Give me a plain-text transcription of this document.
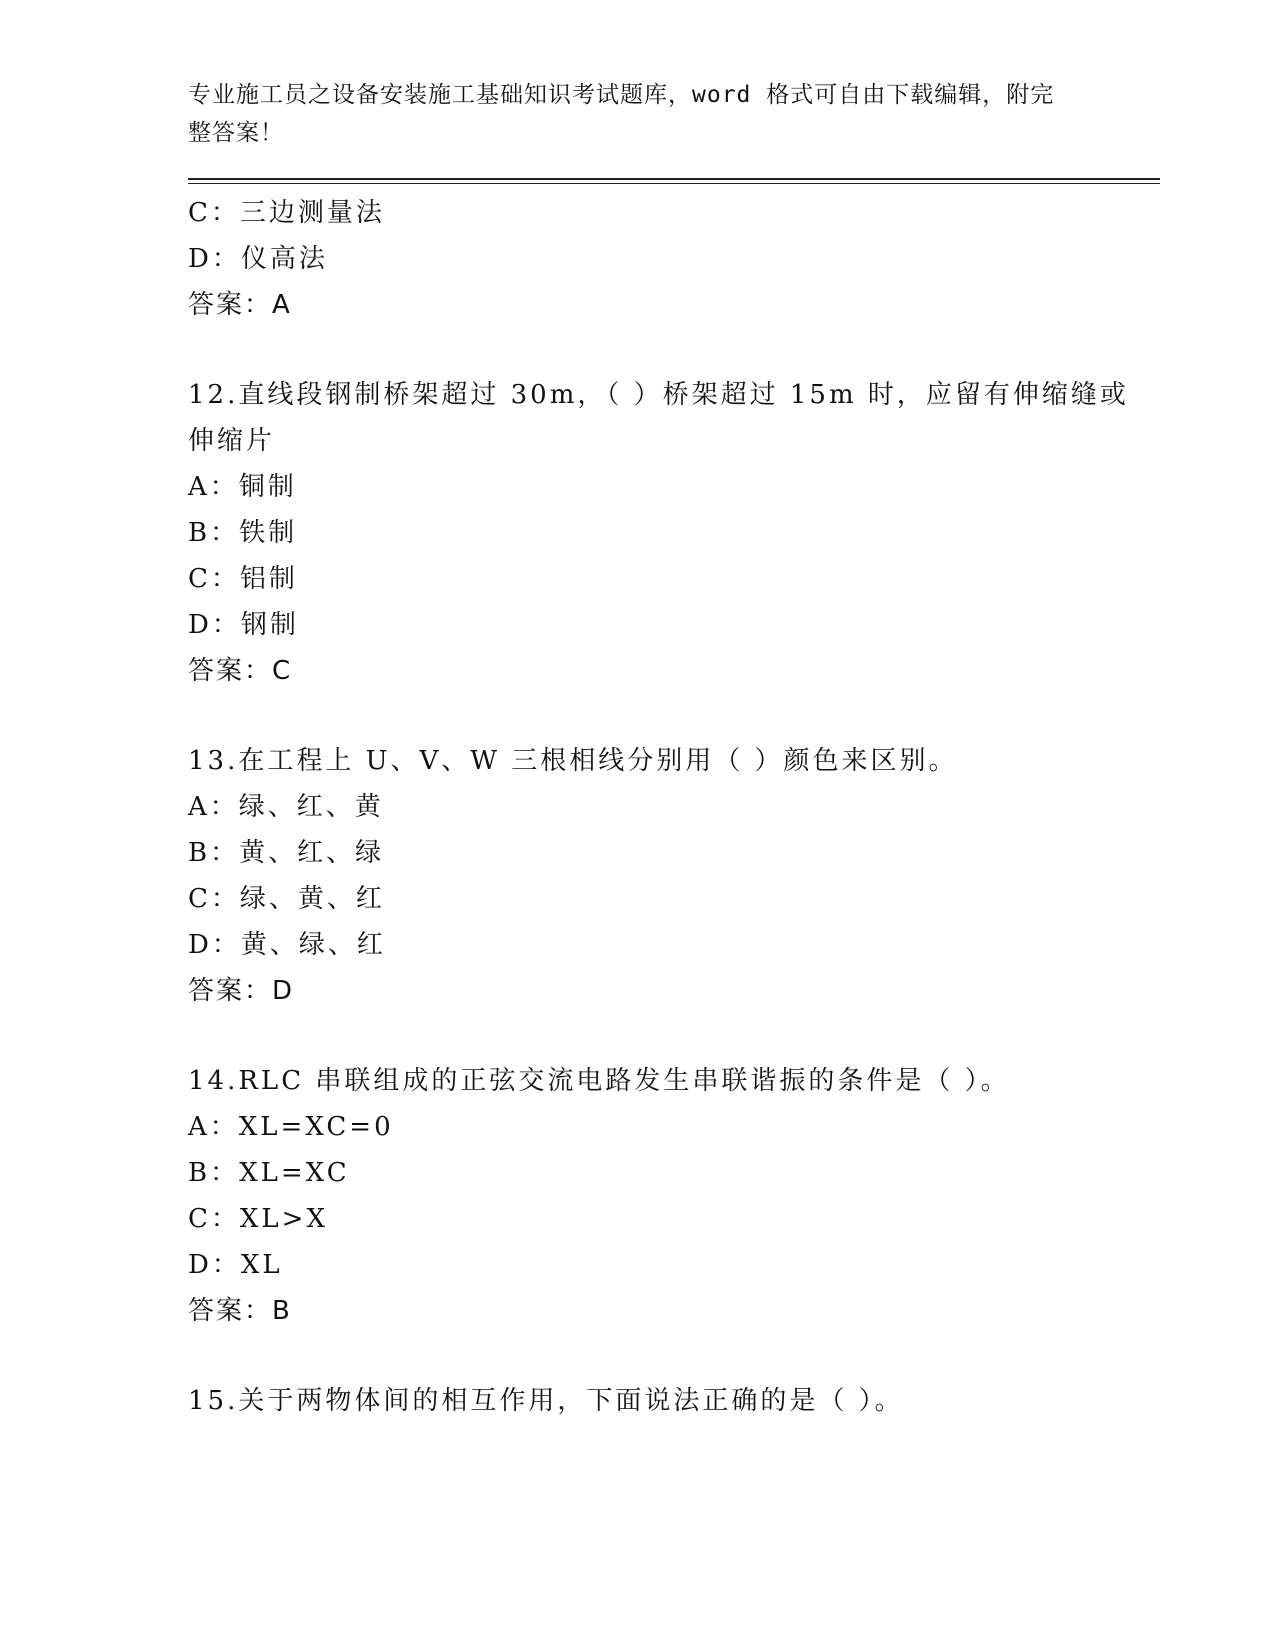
专业施工员之设备安装施工基础知识考试题库，word 格式可自由下载编辑，附完
整答案！
C：三边测量法
D：仪高法
答案：A
12.直线段钢制桥架超过 30m，（ ）桥架超过 15m 时，应留有伸缩缝或
伸缩片
A：铜制
B：铁制
C：铝制
D：钢制
答案：C
13.在工程上 U、V、W 三根相线分别用（ ）颜色来区别。
A：绿、红、黄
B：黄、红、绿
C：绿、黄、红
D：黄、绿、红
答案：D
14.RLC 串联组成的正弦交流电路发生串联谐振的条件是（ ）。
A：XL=XC=0
B：XL=XC
C：XL>X
D：XL
答案：B
15.关于两物体间的相互作用，下面说法正确的是（ ）。
